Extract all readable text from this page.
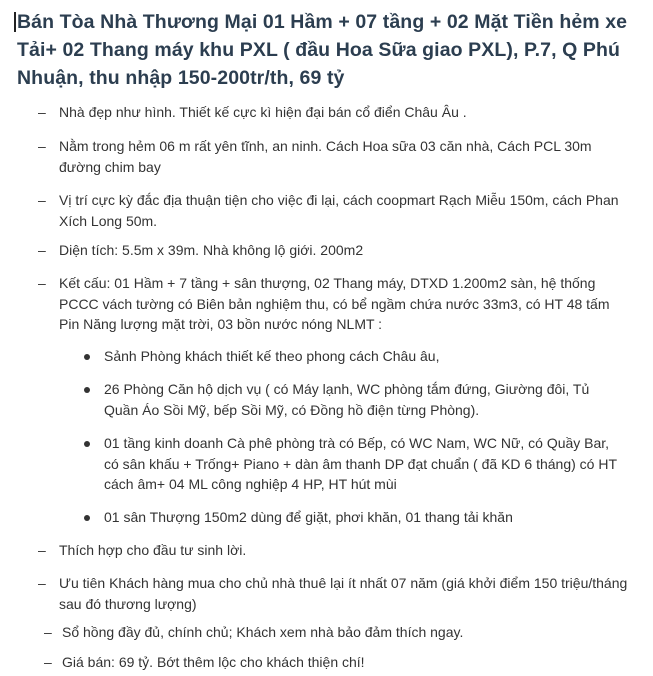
Bán Tòa Nhà Thương Mại 01 Hầm + 07 tầng + 02 Mặt Tiền hẻm xe Tải+ 02 Thang máy khu PXL ( đầu Hoa Sữa giao PXL), P.7, Q Phú Nhuận, thu nhập 150-200tr/th, 69 tỷ
– Nhà đẹp như hình. Thiết kế cực kì hiện đại bán cổ điển Châu Âu .
– Nằm trong hẻm 06 m rất yên tĩnh, an ninh. Cách Hoa sữa 03 căn nhà, Cách PCL 30m đường chim bay
– Vị trí cực kỳ đắc địa thuận tiện cho việc đi lại, cách coopmart Rạch Miễu 150m, cách Phan Xích Long 50m.
– Diện tích: 5.5m x 39m. Nhà không lộ giới. 200m2
– Kết cấu: 01 Hầm + 7 tầng + sân thượng, 02 Thang máy, DTXD 1.200m2 sàn, hệ thống PCCC vách tường có Biên bản nghiệm thu, có bể ngầm chứa nước 33m3, có HT 48 tấm Pin Năng lượng mặt trời, 03 bồn nước nóng NLMT :
Sảnh Phòng khách thiết kế theo phong cách Châu âu,
26 Phòng Căn hộ dịch vụ ( có Máy lạnh, WC phòng tắm đứng, Giường đôi, Tủ Quần Áo Sồi Mỹ, bếp Sồi Mỹ, có Đồng hồ điện từng Phòng).
01 tầng kinh doanh Cà phê phòng trà có Bếp, có WC Nam, WC Nữ, có Quầy Bar, có sân khấu + Trống+ Piano + dàn âm thanh DP đạt chuẩn ( đã KD 6 tháng) có HT cách âm+ 04 ML công nghiệp 4 HP, HT hút mùi
01 sân Thượng 150m2 dùng để giặt, phơi khăn, 01 thang tải khăn
– Thích hợp cho đầu tư sinh lời.
– Ưu tiên Khách hàng mua cho chủ nhà thuê lại ít nhất 07 năm (giá khởi điểm 150 triệu/tháng sau đó thương lượng)
– Sổ hồng đầy đủ, chính chủ; Khách xem nhà bảo đảm thích ngay.
– Giá bán: 69 tỷ. Bớt thêm lộc cho khách thiện chí!
